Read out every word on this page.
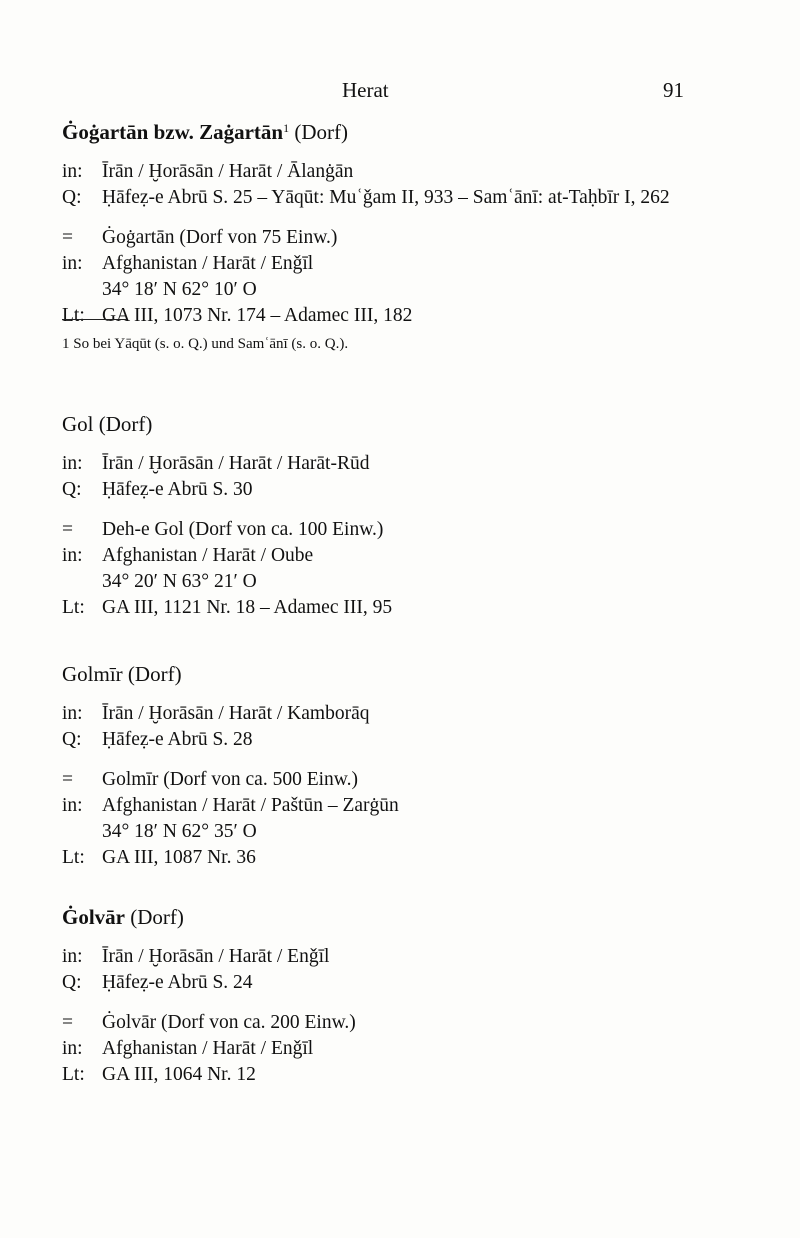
Herat	91
Ġoġartān bzw. Zaġartān$^1$ (Dorf)
in: Īrān / Ḫorāsān / Harāt / Ālanġān
Q:	Ḥāfeẓ-e Abrū S. 25 – Yāqūt: Muʿǧam II, 933 – Samʿānī: at-Taḥbīr I, 262
=	Ġoġartān (Dorf von 75 Einw.)
in: Afghanistan / Harāt / Enǧīl
34° 18′ N 62° 10′ O
Lt: GA III, 1073 Nr. 174 – Adamec III, 182
1 So bei Yāqūt (s. o. Q.) und Samʿānī (s. o. Q.).
Gol (Dorf)
in: Īrān / Ḫorāsān / Harāt / Harāt-Rūd
Q:	Ḥāfeẓ-e Abrū S. 30
=	Deh-e Gol (Dorf von ca. 100 Einw.)
in: Afghanistan / Harāt / Oube
34° 20′ N 63° 21′ O
Lt: GA III, 1121 Nr. 18 – Adamec III, 95
Golmīr (Dorf)
in: Īrān / Ḫorāsān / Harāt / Kamborāq
Q:	Ḥāfeẓ-e Abrū S. 28
=	Golmīr (Dorf von ca. 500 Einw.)
in: Afghanistan / Harāt / Paštūn – Zarġūn
34° 18′ N 62° 35′ O
Lt: GA III, 1087 Nr. 36
Ġolvār (Dorf)
in: Īrān / Ḫorāsān / Harāt / Enǧīl
Q:	Ḥāfeẓ-e Abrū S. 24
=	Ġolvār (Dorf von ca. 200 Einw.)
in: Afghanistan / Harāt / Enǧīl
Lt: GA III, 1064 Nr. 12
